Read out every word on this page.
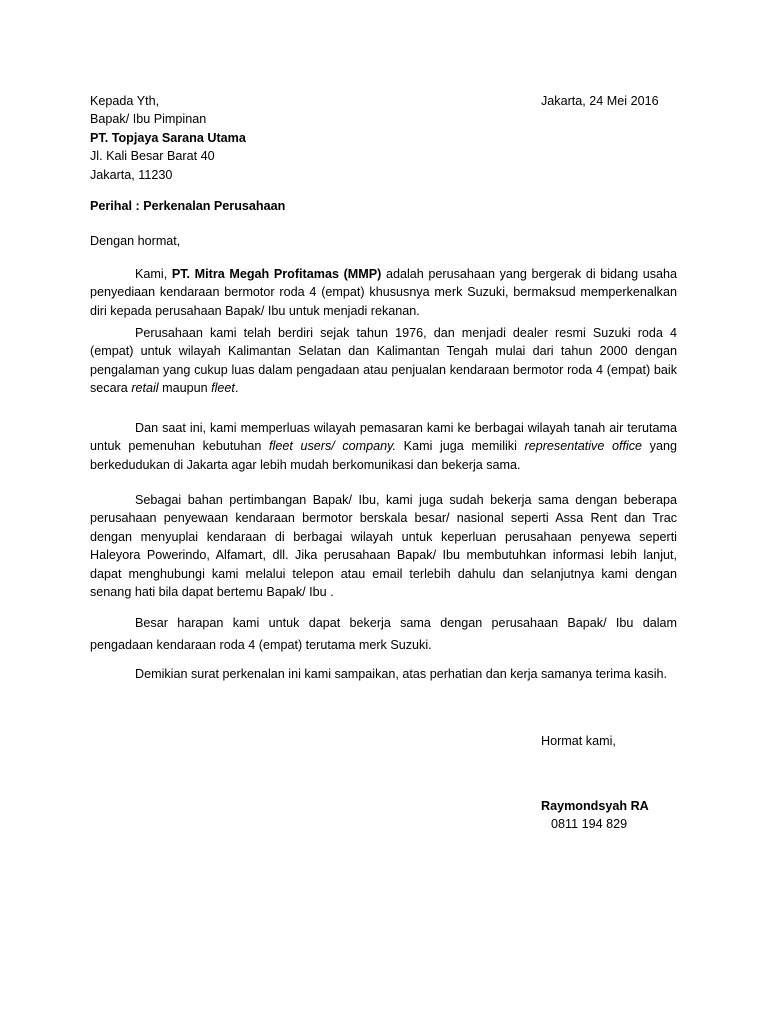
Jakarta, 24 Mei 2016
Kepada Yth,
Bapak/ Ibu Pimpinan
PT. Topjaya Sarana Utama
Jl. Kali Besar Barat 40
Jakarta, 11230
Perihal : Perkenalan Perusahaan
Dengan hormat,
Kami, PT. Mitra Megah Profitamas (MMP) adalah perusahaan yang bergerak di bidang usaha penyediaan kendaraan bermotor roda 4 (empat) khususnya merk Suzuki, bermaksud memperkenalkan diri kepada perusahaan Bapak/ Ibu untuk menjadi rekanan.
Perusahaan kami telah berdiri sejak tahun 1976, dan menjadi dealer resmi Suzuki roda 4 (empat) untuk wilayah Kalimantan Selatan dan Kalimantan Tengah mulai dari tahun 2000 dengan pengalaman yang cukup luas dalam pengadaan atau penjualan kendaraan bermotor roda 4 (empat) baik secara retail maupun fleet.
Dan saat ini, kami memperluas wilayah pemasaran kami ke berbagai wilayah tanah air terutama untuk pemenuhan kebutuhan fleet users/ company. Kami juga memiliki representative office yang berkedudukan di Jakarta agar lebih mudah berkomunikasi dan bekerja sama.
Sebagai bahan pertimbangan Bapak/ Ibu, kami juga sudah bekerja sama dengan beberapa perusahaan penyewaan kendaraan bermotor berskala besar/ nasional seperti Assa Rent dan Trac dengan menyuplai kendaraan di berbagai wilayah untuk keperluan perusahaan penyewa seperti Haleyora Powerindo, Alfamart, dll. Jika perusahaan Bapak/ Ibu membutuhkan informasi lebih lanjut, dapat menghubungi kami melalui telepon atau email terlebih dahulu dan selanjutnya kami dengan senang hati bila dapat bertemu Bapak/ Ibu .
Besar harapan kami untuk dapat bekerja sama dengan perusahaan Bapak/ Ibu dalam pengadaan kendaraan roda 4 (empat) terutama merk Suzuki.
Demikian surat perkenalan ini kami sampaikan, atas perhatian dan kerja samanya terima kasih.
Hormat kami,
Raymondsyah RA
0811 194 829
